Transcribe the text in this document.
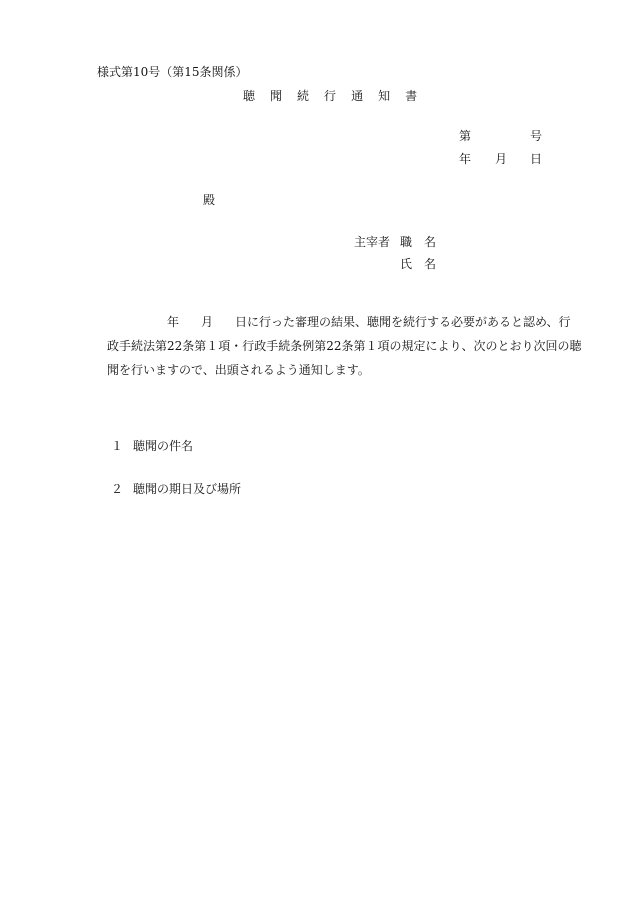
様式第10号（第15条関係）
聴 聞 続 行 通 知 書
第	号
年 月 日
殿
主宰者 職　名
氏　名
年 月 日に行った審理の結果、聴聞を続行する必要があると認め、行
政手続法第22条第１項・行政手続条例第22条第１項の規定により、次のとおり次回の聴
聞を行いますので、出頭されるよう通知します。
１ 聴聞の件名
２ 聴聞の期日及び場所
